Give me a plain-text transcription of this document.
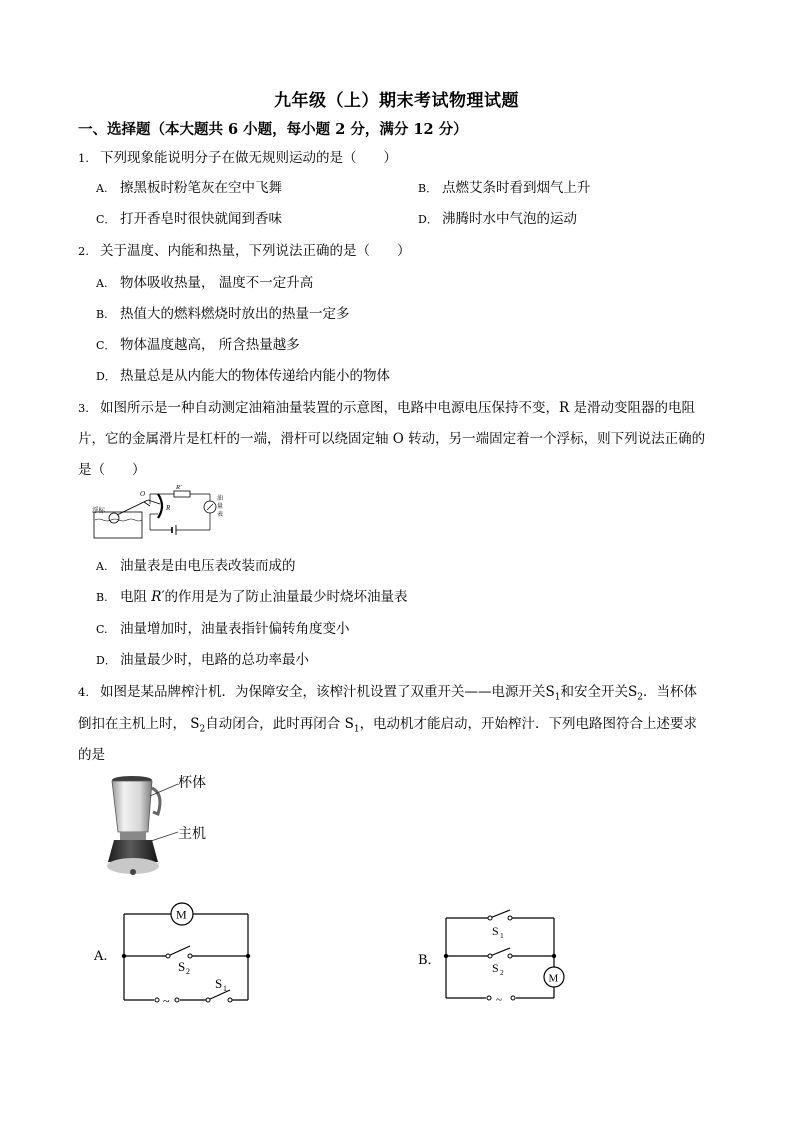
九年级（上）期末考试物理试题
一、选择题（本大题共 6 小题，每小题 2 分，满分 12 分）
1. 下列现象能说明分子在做无规则运动的是（　　）
A. 擦黑板时粉笔灰在空中飞舞	B． 点燃艾条时看到烟气上升
C． 打开香皂时很快就闻到香味	D． 沸腾时水中气泡的运动
2. 关于温度、内能和热量，下列说法正确的是（　　）
A. 物体吸收热量， 温度不一定升高
B. 热值大的燃料燃烧时放出的热量一定多
C． 物体温度越高， 所含热量越多
D． 热量总是从内能大的物体传递给内能小的物体
3. 如图所示是一种自动测定油箱油量装置的示意图，电路中电源电压保持不变，R 是滑动变阻器的电阻
片，它的金属滑片是杠杆的一端，滑杆可以绕固定轴 O 转动，另一端固定着一个浮标，则下列说法正确的
是（　　）
浮标
O
R
R'
油
量
表
A. 油量表是由电压表改装而成的
B. 电阻 R′的作用是为了防止油量最少时烧坏油量表
C. 油量增加时，油量表指针偏转角度变小
D． 油量最少时，电路的总功率最小
4. 如图是某品牌榨汁机．为保障安全，该榨汁机设置了双重开关——电源开关$S_1$和安全开关$S_2$．当杯体
倒扣在主机上时， $S_2$自动闭合，此时再闭合 $S_1$，电动机才能启动，开始榨汁．下列电路图符合上述要求
的是
杯体
主机
A.
M
S 2
S 1
~
B．
M
S 1
S 2
~
